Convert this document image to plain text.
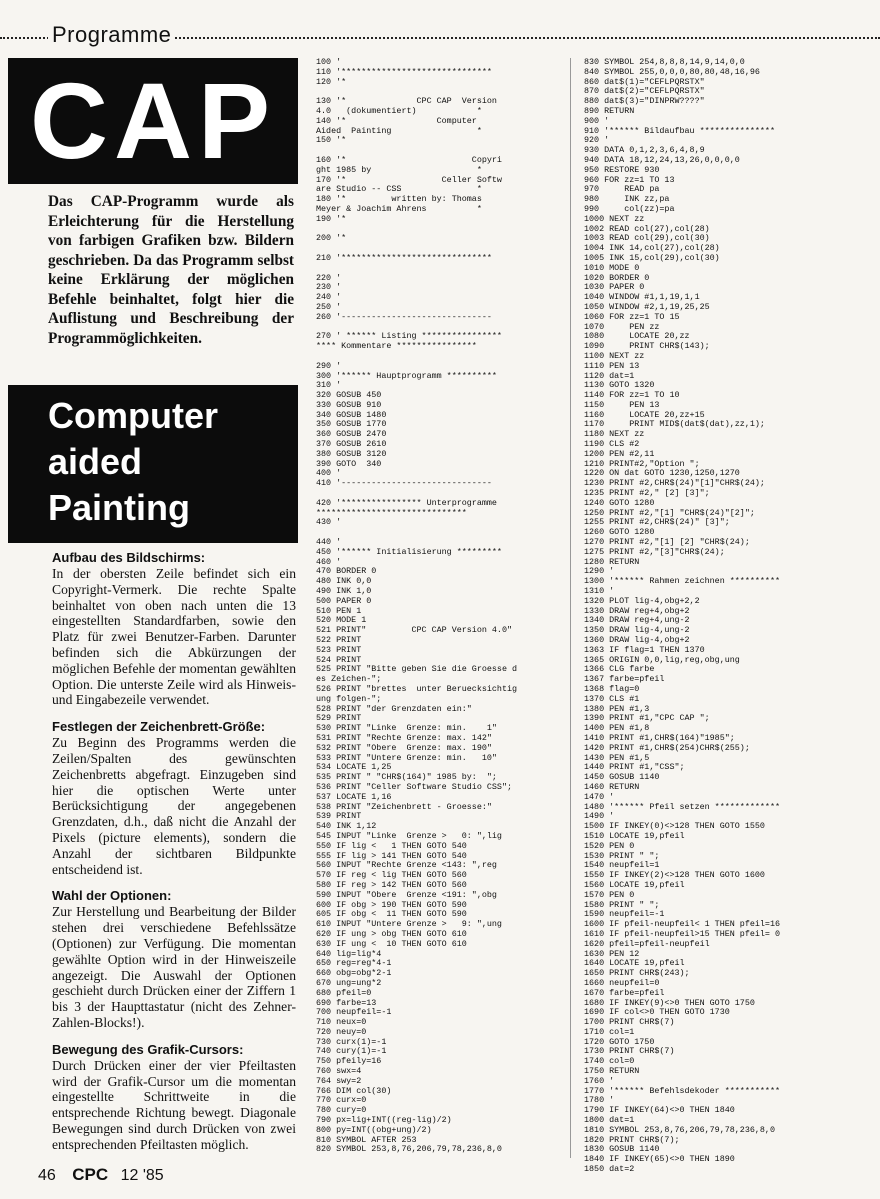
Programme
CAP

Das CAP-Programm wurde als Erleichterung für die Herstellung von farbigen Grafiken bzw. Bildern geschrieben. Da das Programm selbst keine Erklärung der möglichen Befehle beinhaltet, folgt hier die Auflistung und Beschreibung der Programmöglichkeiten.

Computer

aided

Painting

Aufbau des Bildschirms:

In der obersten Zeile befindet sich ein Copyright-Vermerk. Die rechte Spalte beinhaltet von oben nach unten die 13 eingestellten Standardfarben, sowie den Platz für zwei Benutzer-Farben. Darunter befinden sich die Abkürzungen der möglichen Befehle der momentan gewählten Option. Die unterste Zeile wird als Hinweis- und Eingabezeile verwendet.

Festlegen der Zeichenbrett-Größe:

Zu Beginn des Programms werden die Zeilen/Spalten des gewünschten Zeichenbretts abgefragt. Einzugeben sind hier die optischen Werte unter Berücksichtigung der angegebenen Grenzdaten, d.h., daß nicht die Anzahl der Pixels (picture elements), sondern die Anzahl der sichtbaren Bildpunkte entscheidend ist.

Wahl der Optionen:

Zur Herstellung und Bearbeitung der Bilder stehen drei verschiedene Befehlssätze (Optionen) zur Verfügung. Die momentan gewählte Option wird in der Hinweiszeile angezeigt. Die Auswahl der Optionen geschieht durch Drücken einer der Ziffern 1 bis 3 der Haupttastatur (nicht des Zehner-Zahlen-Blocks!).

Bewegung des Grafik-Cursors:

Durch Drücken einer der vier Pfeiltasten wird der Grafik-Cursor um die momentan eingestellte Schrittweite in die entsprechende Richtung bewegt. Diagonale Bewegungen sind durch Drücken von zwei entsprechenden Pfeiltasten möglich.

100 '
110 '******************************
120 '*

130 '*              CPC CAP  Version
4.0   (dokumentiert)            *
140 '*                  Computer
Aided  Painting                 *
150 '*

160 '*                         Copyri
ght 1985 by                     *
170 '*                   Celler Softw
are Studio -- CSS               *
180 '*         written by: Thomas
Meyer & Joachim Ahrens          *
190 '*

200 '*

210 '******************************

220 '
230 '
240 '
250 '
260 '------------------------------

270 ' ****** Listing ****************
**** Kommentare ****************

290 '
300 '****** Hauptprogramm **********
310 '
320 GOSUB 450
330 GOSUB 910
340 GOSUB 1480
350 GOSUB 1770
360 GOSUB 2470
370 GOSUB 2610
380 GOSUB 3120
390 GOTO  340
400 '
410 '------------------------------

420 '**************** Unterprogramme
******************************
430 '

440 '
450 '****** Initialisierung *********
460 '
470 BORDER 0
480 INK 0,0
490 INK 1,0
500 PAPER 0
510 PEN 1
520 MODE 1
521 PRINT"         CPC CAP Version 4.0"
522 PRINT
523 PRINT
524 PRINT
525 PRINT "Bitte geben Sie die Groesse d
es Zeichen-";
526 PRINT "brettes  unter Beruecksichtig
ung folgen-";
528 PRINT "der Grenzdaten ein:"
529 PRINT
530 PRINT "Linke  Grenze: min.    1"
531 PRINT "Rechte Grenze: max. 142"
532 PRINT "Obere  Grenze: max. 190"
533 PRINT "Untere Grenze: min.   10"
534 LOCATE 1,25
535 PRINT " "CHR$(164)" 1985 by:  ";
536 PRINT "Celler Software Studio CSS";
537 LOCATE 1,16
538 PRINT "Zeichenbrett - Groesse:"
539 PRINT
540 INK 1,12
545 INPUT "Linke  Grenze >   0: ",lig
550 IF lig <   1 THEN GOTO 540
555 IF lig > 141 THEN GOTO 540
560 INPUT "Rechte Grenze <143: ",reg
570 IF reg < lig THEN GOTO 560
580 IF reg > 142 THEN GOTO 560
590 INPUT "Obere  Grenze <191: ",obg
600 IF obg > 190 THEN GOTO 590
605 IF obg <  11 THEN GOTO 590
610 INPUT "Untere Grenze >   9: ",ung
620 IF ung > obg THEN GOTO 610
630 IF ung <  10 THEN GOTO 610
640 lig=lig*4
650 reg=reg*4-1
660 obg=obg*2-1
670 ung=ung*2
680 pfeil=0
690 farbe=13
700 neupfeil=-1
710 neux=0
720 neuy=0
730 curx(1)=-1
740 cury(1)=-1
750 pfeily=16
760 swx=4
764 swy=2
766 DIM col(30)
770 curx=0
780 cury=0
790 px=lig+INT((reg-lig)/2)
800 py=INT((obg+ung)/2)
810 SYMBOL AFTER 253
820 SYMBOL 253,8,76,206,79,78,236,8,0
830 SYMBOL 254,8,8,8,14,9,14,0,0
840 SYMBOL 255,0,0,0,80,80,48,16,96
860 dat$(1)="CEFLPQRSTX"
870 dat$(2)="CEFLPQRSTX"
880 dat$(3)="DINPRW????"
890 RETURN
900 '
910 '****** Bildaufbau ***************
920 '
930 DATA 0,1,2,3,6,4,8,9
940 DATA 18,12,24,13,26,0,0,0,0
950 RESTORE 930
960 FOR zz=1 TO 13
970     READ pa
980     INK zz,pa
990     col(zz)=pa
1000 NEXT zz
1002 READ col(27),col(28)
1003 READ col(29),col(30)
1004 INK 14,col(27),col(28)
1005 INK 15,col(29),col(30)
1010 MODE 0
1020 BORDER 0
1030 PAPER 0
1040 WINDOW #1,1,19,1,1
1050 WINDOW #2,1,19,25,25
1060 FOR zz=1 TO 15
1070     PEN zz
1080     LOCATE 20,zz
1090     PRINT CHR$(143);
1100 NEXT zz
1110 PEN 13
1120 dat=1
1130 GOTO 1320
1140 FOR zz=1 TO 10
1150     PEN 13
1160     LOCATE 20,zz+15
1170     PRINT MID$(dat$(dat),zz,1);
1180 NEXT zz
1190 CLS #2
1200 PEN #2,11
1210 PRINT#2,"Option ";
1220 ON dat GOTO 1230,1250,1270
1230 PRINT #2,CHR$(24)"[1]"CHR$(24);
1235 PRINT #2," [2] [3]";
1240 GOTO 1280
1250 PRINT #2,"[1] "CHR$(24)"[2]";
1255 PRINT #2,CHR$(24)" [3]";
1260 GOTO 1280
1270 PRINT #2,"[1] [2] "CHR$(24);
1275 PRINT #2,"[3]"CHR$(24);
1280 RETURN
1290 '
1300 '****** Rahmen zeichnen **********
1310 '
1320 PLOT lig-4,obg+2,2
1330 DRAW reg+4,obg+2
1340 DRAW reg+4,ung-2
1350 DRAW lig-4,ung-2
1360 DRAW lig-4,obg+2
1363 IF flag=1 THEN 1370
1365 ORIGIN 0,0,lig,reg,obg,ung
1366 CLG farbe
1367 farbe=pfeil
1368 flag=0
1370 CLS #1
1380 PEN #1,3
1390 PRINT #1,"CPC CAP ";
1400 PEN #1,8
1410 PRINT #1,CHR$(164)"1985";
1420 PRINT #1,CHR$(254)CHR$(255);
1430 PEN #1,5
1440 PRINT #1,"CSS";
1450 GOSUB 1140
1460 RETURN
1470 '
1480 '****** Pfeil setzen *************
1490 '
1500 IF INKEY(0)<>128 THEN GOTO 1550
1510 LOCATE 19,pfeil
1520 PEN 0
1530 PRINT " ";
1540 neupfeil=1
1550 IF INKEY(2)<>128 THEN GOTO 1600
1560 LOCATE 19,pfeil
1570 PEN 0
1580 PRINT " ";
1590 neupfeil=-1
1600 IF pfeil-neupfeil< 1 THEN pfeil=16
1610 IF pfeil-neupfeil>15 THEN pfeil= 0
1620 pfeil=pfeil-neupfeil
1630 PEN 12
1640 LOCATE 19,pfeil
1650 PRINT CHR$(243);
1660 neupfeil=0
1670 farbe=pfeil
1680 IF INKEY(9)<>0 THEN GOTO 1750
1690 IF col<>0 THEN GOTO 1730
1700 PRINT CHR$(7)
1710 col=1
1720 GOTO 1750
1730 PRINT CHR$(7)
1740 col=0
1750 RETURN
1760 '
1770 '****** Befehlsdekoder ***********
1780 '
1790 IF INKEY(64)<>0 THEN 1840
1800 dat=1
1810 SYMBOL 253,8,76,206,79,78,236,8,0
1820 PRINT CHR$(7);
1830 GOSUB 1140
1840 IF INKEY(65)<>0 THEN 1890
1850 dat=2
46 CPC 12 '85
